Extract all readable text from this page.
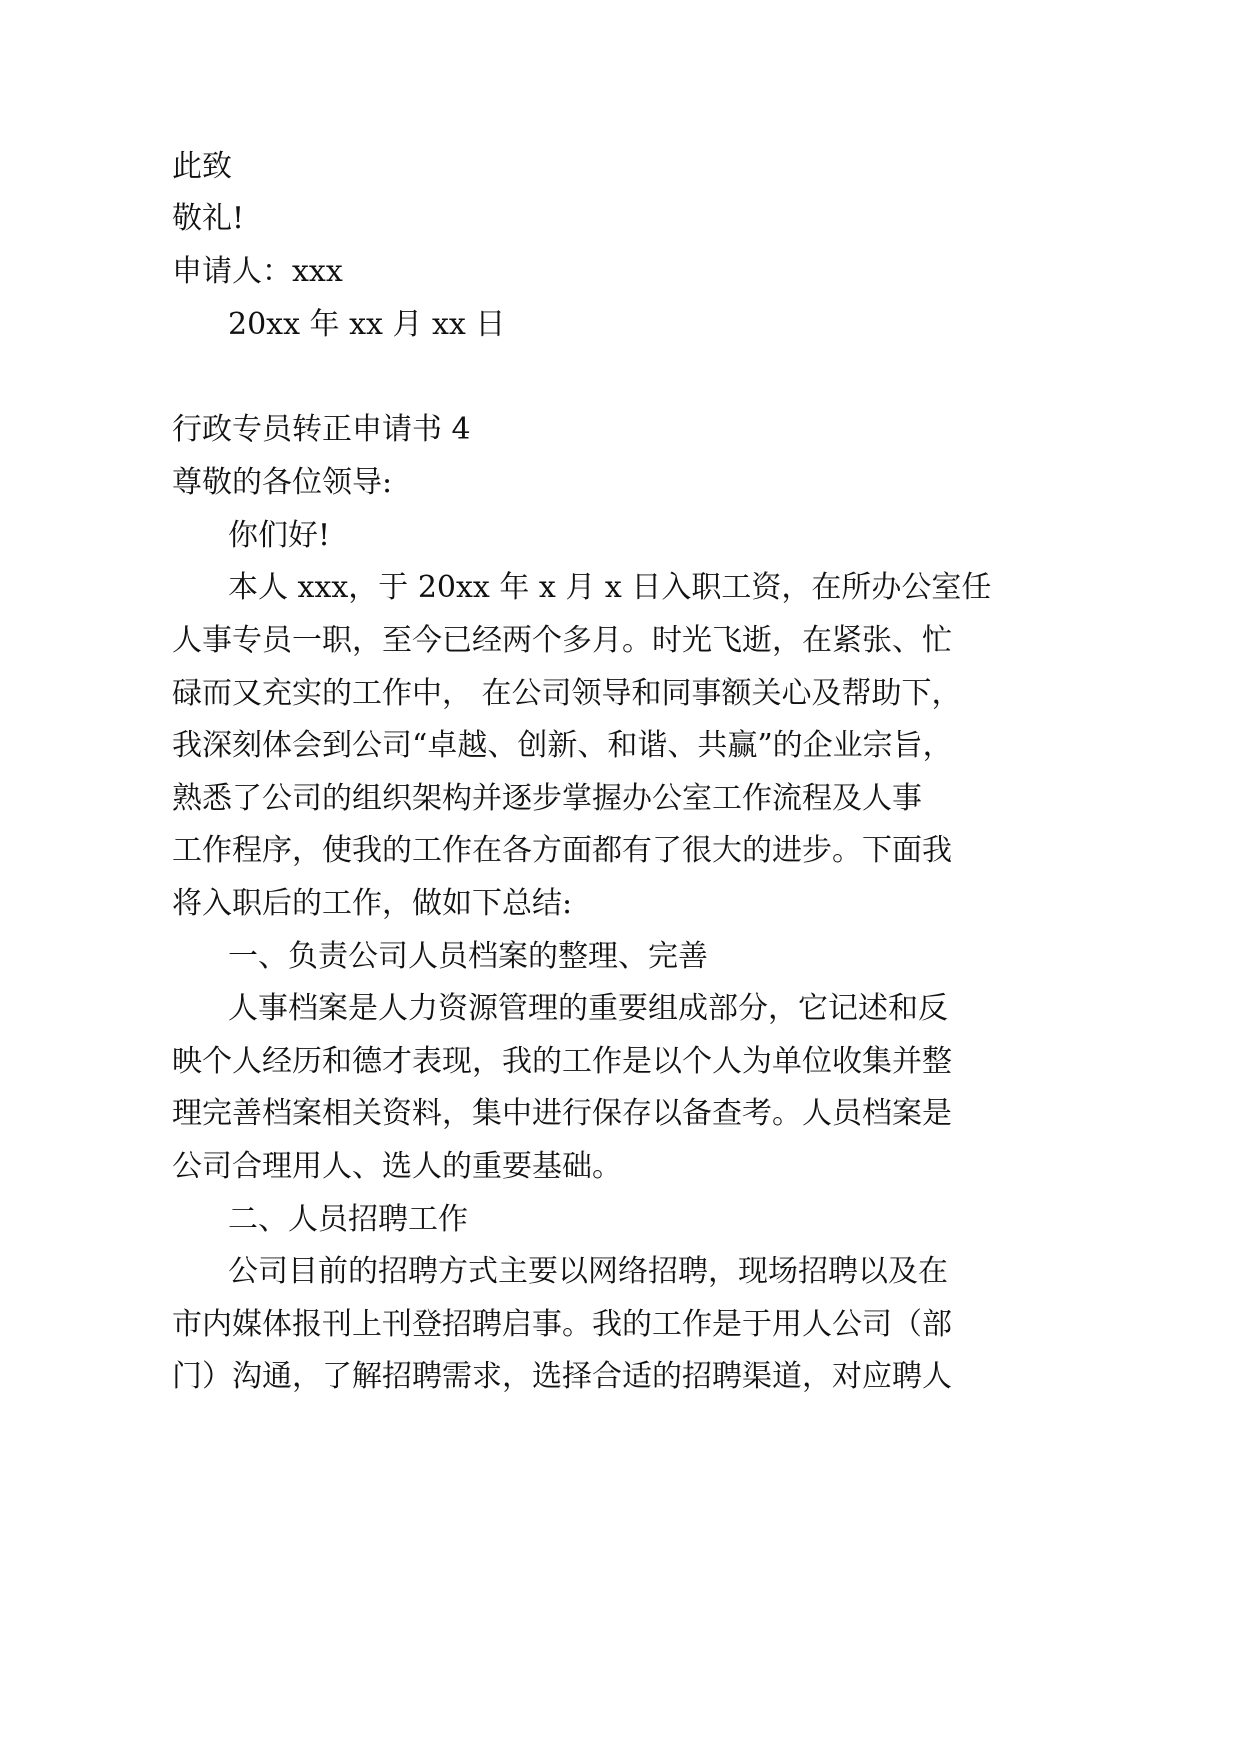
此致
敬礼!
申请人：xxx
20xx 年 xx 月 xx 日
行政专员转正申请书 4
尊敬的各位领导:
你们好!
本人 xxx，于 20xx 年 x 月 x 日入职工资，在所办公室任
人事专员一职，至今已经两个多月。时光飞逝，在紧张、忙
碌而又充实的工作中， 在公司领导和同事额关心及帮助下，
我深刻体会到公司“卓越、创新、和谐、共赢”的企业宗旨，
熟悉了公司的组织架构并逐步掌握办公室工作流程及人事
工作程序，使我的工作在各方面都有了很大的进步。下面我
将入职后的工作，做如下总结:
一、负责公司人员档案的整理、完善
人事档案是人力资源管理的重要组成部分，它记述和反
映个人经历和德才表现，我的工作是以个人为单位收集并整
理完善档案相关资料，集中进行保存以备查考。人员档案是
公司合理用人、选人的重要基础。
二、人员招聘工作
公司目前的招聘方式主要以网络招聘，现场招聘以及在
市内媒体报刊上刊登招聘启事。我的工作是于用人公司（部
门）沟通，了解招聘需求，选择合适的招聘渠道，对应聘人
